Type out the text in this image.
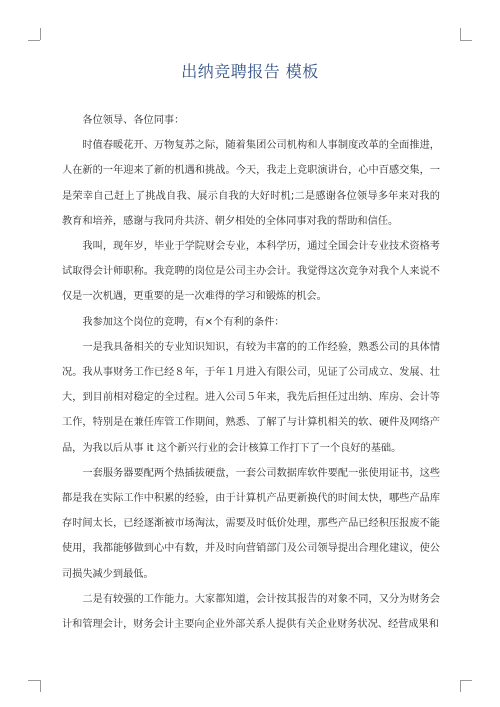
出纳竞聘报告 模板

各位领导、各位同事：

时值春暖花开、万物复苏之际，随着集团公司机构和人事制度改革的全面推进，人在新的一年迎来了新的机遇和挑战。今天，我走上竞职演讲台，心中百感交集，一是荣幸自己赶上了挑战自我、展示自我的大好时机;二是感谢各位领导多年来对我的教育和培养，感谢与我同舟共济、朝夕相处的全体同事对我的帮助和信任。

我叫，现年岁，毕业于学院财会专业，本科学历，通过全国会计专业技术资格考试取得会计师职称。我竞聘的岗位是公司主办会计。我觉得这次竞争对我个人来说不仅是一次机遇，更重要的是一次难得的学习和锻炼的机会。

我参加这个岗位的竞聘，有×个有利的条件：

一是我具备相关的专业知识知识，有较为丰富的的工作经验，熟悉公司的具体情况。我从事财务工作已经８年，于年１月进入有限公司，见证了公司成立、发展、壮大，到目前相对稳定的全过程。进入公司５年来，我先后担任过出纳、库房、会计等工作，特别是在兼任库管工作期间，熟悉、了解了与计算机相关的软、硬件及网络产品，为我以后从事 it 这个新兴行业的会计核算工作打下了一个良好的基础。

一套服务器要配两个热插拔硬盘，一套公司数据库软件要配一张使用证书，这些都是我在实际工作中积累的经验，由于计算机产品更新换代的时间太快，哪些产品库存时间太长，已经逐渐被市场淘汰，需要及时低价处理，那些产品已经积压报废不能使用，我都能够做到心中有数，并及时向营销部门及公司领导提出合理化建议，使公司损失减少到最低。

二是有较强的工作能力。大家都知道，会计按其报告的对象不同，又分为财务会计和管理会计，财务会计主要向企业外部关系人提供有关企业财务状况、经营成果和
